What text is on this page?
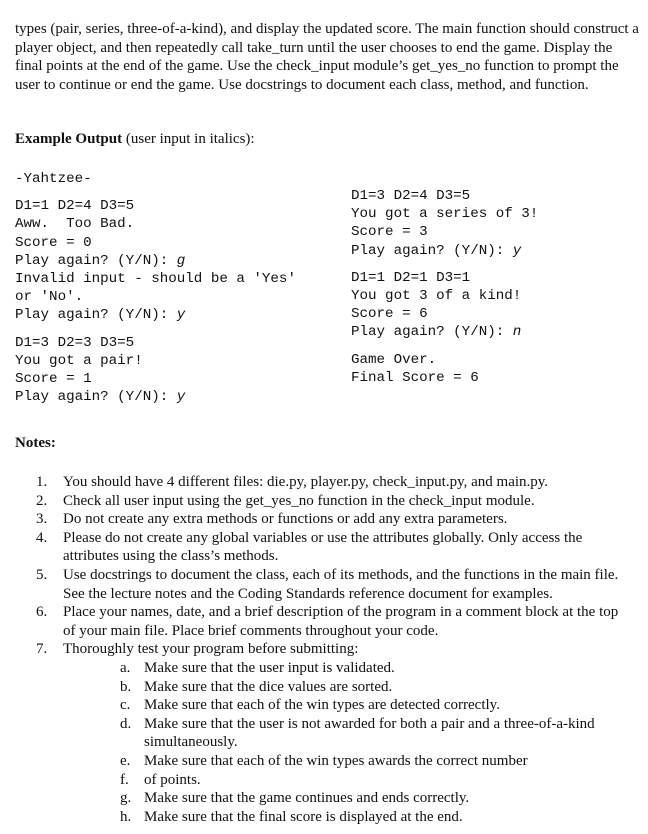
types (pair, series, three-of-a-kind), and display the updated score. The main function should construct a player object, and then repeatedly call take_turn until the user chooses to end the game. Display the final points at the end of the game. Use the check_input module’s get_yes_no function to prompt the user to continue or end the game. Use docstrings to document each class, method, and function.

Example Output (user input in italics):

-Yahtzee-
D1=1 D2=4 D3=5
Aww.  Too Bad.
Score = 0
Play again? (Y/N): g
Invalid input - should be a 'Yes'
or 'No'.
Play again? (Y/N): y
D1=3 D2=3 D3=5
You got a pair!
Score = 1
Play again? (Y/N): y
D1=3 D2=4 D3=5
You got a series of 3!
Score = 3
Play again? (Y/N): y
D1=1 D2=1 D3=1
You got 3 of a kind!
Score = 6
Play again? (Y/N): n
Game Over.
Final Score = 6

Notes:

1. You should have 4 different files: die.py, player.py, check_input.py, and main.py.
2. Check all user input using the get_yes_no function in the check_input module.
3. Do not create any extra methods or functions or add any extra parameters.
4. Please do not create any global variables or use the attributes globally. Only access the attributes using the class’s methods.
5. Use docstrings to document the class, each of its methods, and the functions in the main file. See the lecture notes and the Coding Standards reference document for examples.
6. Place your names, date, and a brief description of the program in a comment block at the top of your main file. Place brief comments throughout your code.
7. Thoroughly test your program before submitting:
a. Make sure that the user input is validated.
b. Make sure that the dice values are sorted.
c. Make sure that each of the win types are detected correctly.
d. Make sure that the user is not awarded for both a pair and a three-of-a-kind simultaneously.
e. Make sure that each of the win types awards the correct number
f. of points.
g. Make sure that the game continues and ends correctly.
h. Make sure that the final score is displayed at the end.
